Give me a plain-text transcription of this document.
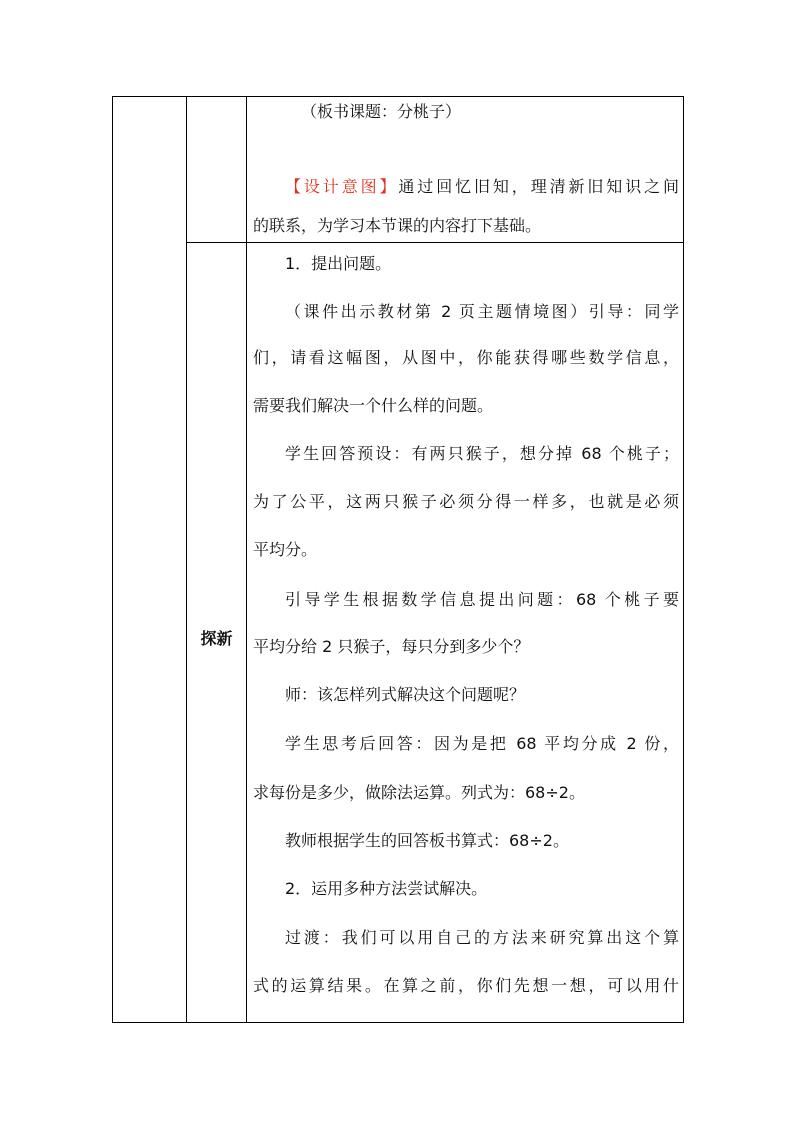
探新
（板书课题：分桃子）
【设计意图】通过回忆旧知，理清新旧知识之间
的联系，为学习本节课的内容打下基础。
1．提出问题。
（课件出示教材第 2 页主题情境图）引导：同学
们，请看这幅图，从图中，你能获得哪些数学信息，
需要我们解决一个什么样的问题。
学生回答预设：有两只猴子，想分掉 68 个桃子；
为了公平，这两只猴子必须分得一样多，也就是必须
平均分。
引导学生根据数学信息提出问题：68 个桃子要
平均分给 2 只猴子，每只分到多少个？
师：该怎样列式解决这个问题呢？
学生思考后回答：因为是把 68 平均分成 2 份，
求每份是多少，做除法运算。列式为：68÷2。
教师根据学生的回答板书算式：68÷2。
2．运用多种方法尝试解决。
过渡：我们可以用自己的方法来研究算出这个算
式的运算结果。在算之前，你们先想一想，可以用什
